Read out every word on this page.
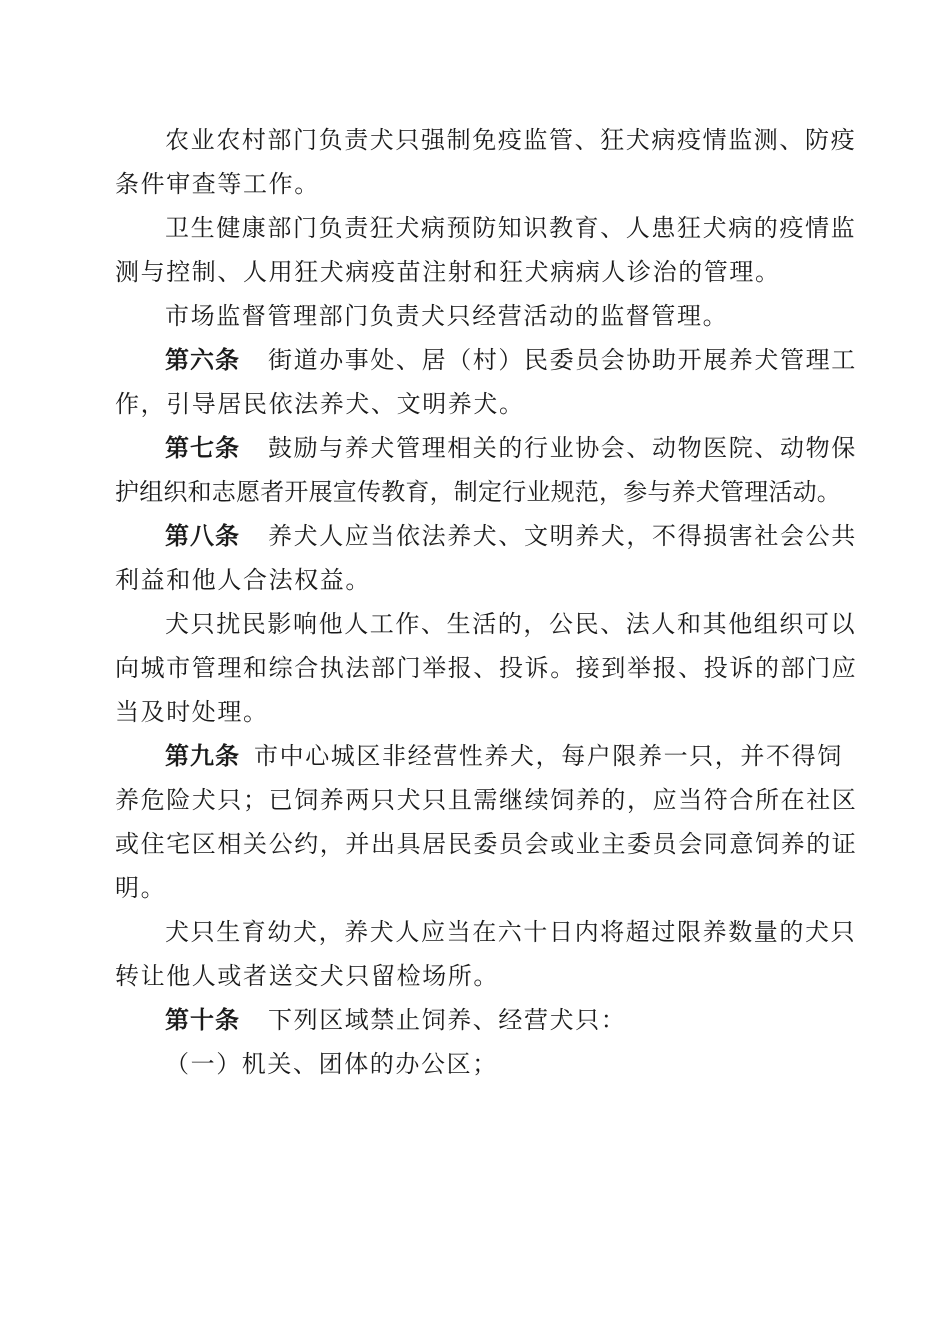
农业农村部门负责犬只强制免疫监管、狂犬病疫情监测、防疫
条件审查等工作。
卫生健康部门负责狂犬病预防知识教育、人患狂犬病的疫情监
测与控制、人用狂犬病疫苗注射和狂犬病病人诊治的管理。
市场监督管理部门负责犬只经营活动的监督管理。
第六条 街道办事处、居（村）民委员会协助开展养犬管理工
作，引导居民依法养犬、文明养犬。
第七条 鼓励与养犬管理相关的行业协会、动物医院、动物保
护组织和志愿者开展宣传教育，制定行业规范，参与养犬管理活动。
第八条 养犬人应当依法养犬、文明养犬，不得损害社会公共
利益和他人合法权益。
犬只扰民影响他人工作、生活的，公民、法人和其他组织可以
向城市管理和综合执法部门举报、投诉。接到举报、投诉的部门应
当及时处理。
第九条 市中心城区非经营性养犬，每户限养一只，并不得饲
养危险犬只；已饲养两只犬只且需继续饲养的，应当符合所在社区
或住宅区相关公约，并出具居民委员会或业主委员会同意饲养的证
明。
犬只生育幼犬，养犬人应当在六十日内将超过限养数量的犬只
转让他人或者送交犬只留检场所。
第十条 下列区域禁止饲养、经营犬只：
（一）机关、团体的办公区；
